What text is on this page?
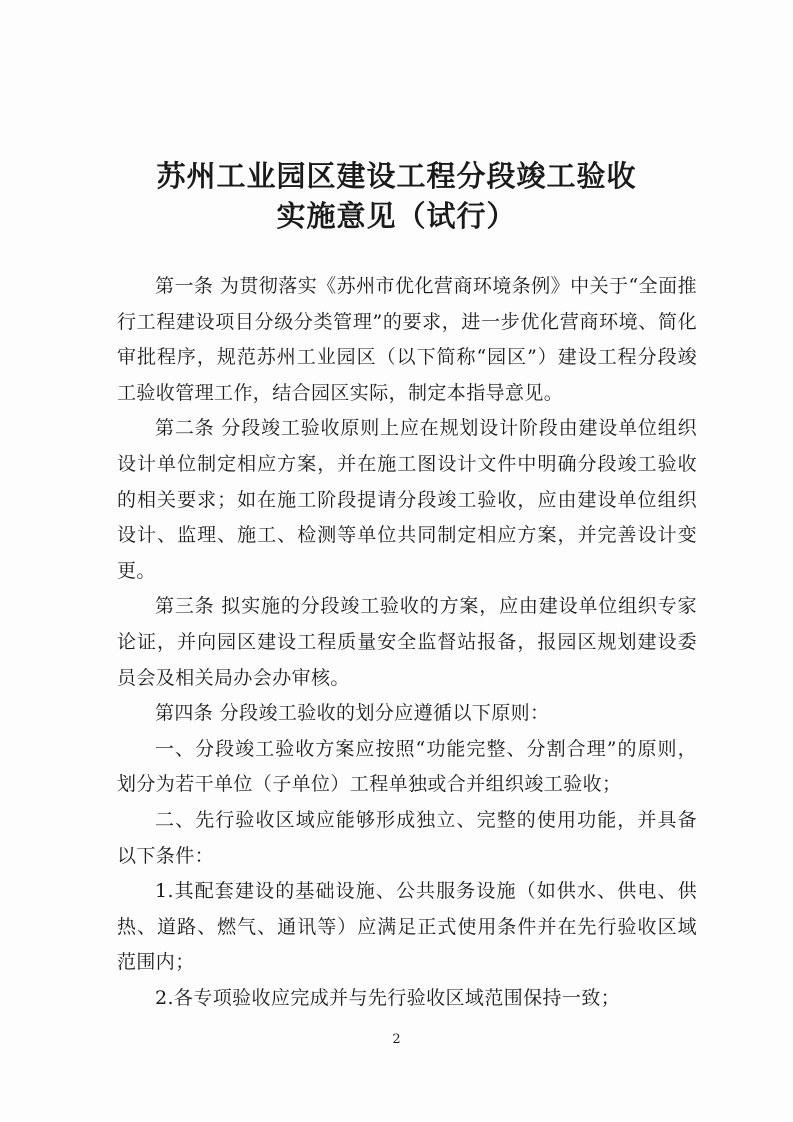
苏州工业园区建设工程分段竣工验收
实施意见（试行）

第一条 为贯彻落实《苏州市优化营商环境条例》中关于“全面推行工程建设项目分级分类管理”的要求，进一步优化营商环境、简化审批程序，规范苏州工业园区（以下简称“园区”）建设工程分段竣工验收管理工作，结合园区实际，制定本指导意见。

第二条 分段竣工验收原则上应在规划设计阶段由建设单位组织设计单位制定相应方案，并在施工图设计文件中明确分段竣工验收的相关要求；如在施工阶段提请分段竣工验收，应由建设单位组织设计、监理、施工、检测等单位共同制定相应方案，并完善设计变更。

第三条 拟实施的分段竣工验收的方案，应由建设单位组织专家论证，并向园区建设工程质量安全监督站报备，报园区规划建设委员会及相关局办会办审核。

第四条 分段竣工验收的划分应遵循以下原则：

一、分段竣工验收方案应按照“功能完整、分割合理”的原则，划分为若干单位（子单位）工程单独或合并组织竣工验收；

二、先行验收区域应能够形成独立、完整的使用功能，并具备以下条件：

1.其配套建设的基础设施、公共服务设施（如供水、供电、供热、道路、燃气、通讯等）应满足正式使用条件并在先行验收区域范围内；

2.各专项验收应完成并与先行验收区域范围保持一致；

2
